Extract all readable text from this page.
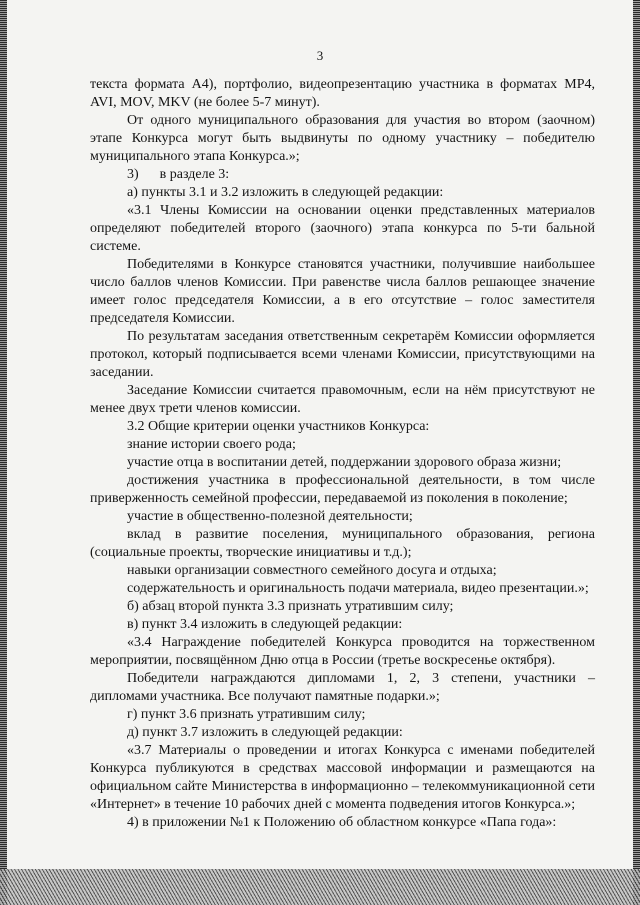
3

текста формата А4), портфолио, видеопрезентацию участника в форматах МР4, AVI, MOV, MKV (не более 5-7 минут).

От одного муниципального образования для участия во втором (заочном) этапе Конкурса могут быть выдвинуты по одному участнику – победителю муниципального этапа Конкурса.»;

3)      в разделе 3:

а) пункты 3.1 и 3.2 изложить в следующей редакции:

«3.1 Члены Комиссии на основании оценки представленных материалов определяют победителей второго (заочного) этапа конкурса по 5-ти бальной системе.

Победителями в Конкурсе становятся участники, получившие наибольшее число баллов членов Комиссии. При равенстве числа баллов решающее значение имеет голос председателя Комиссии, а в его отсутствие – голос заместителя председателя Комиссии.

По результатам заседания ответственным секретарём Комиссии оформляется протокол, который подписывается всеми членами Комиссии, присутствующими на заседании.

Заседание Комиссии считается правомочным, если на нём присутствуют не менее двух трети членов комиссии.

3.2 Общие критерии оценки участников Конкурса:

знание истории своего рода;

участие отца в воспитании детей, поддержании здорового образа жизни;

достижения участника в профессиональной деятельности, в том числе приверженность семейной профессии, передаваемой из поколения в поколение;

участие в общественно-полезной деятельности;

вклад в развитие поселения, муниципального образования, региона (социальные проекты, творческие инициативы и т.д.);

навыки организации совместного семейного досуга и отдыха;

содержательность и оригинальность подачи материала, видео презентации.»;

б) абзац второй пункта 3.3 признать утратившим силу;

в) пункт 3.4 изложить в следующей редакции:

«3.4 Награждение победителей Конкурса проводится на торжественном мероприятии, посвящённом Дню отца в России (третье воскресенье октября).

Победители награждаются дипломами 1, 2, 3 степени, участники – дипломами участника. Все получают памятные подарки.»;

г) пункт 3.6 признать утратившим силу;

д) пункт 3.7 изложить в следующей редакции:

«3.7 Материалы о проведении и итогах Конкурса с именами победителей Конкурса публикуются в средствах массовой информации и размещаются на официальном сайте Министерства в информационно – телекоммуникационной сети «Интернет» в течение 10 рабочих дней с момента подведения итогов Конкурса.»;

4) в приложении №1 к Положению об областном конкурсе «Папа года»:
